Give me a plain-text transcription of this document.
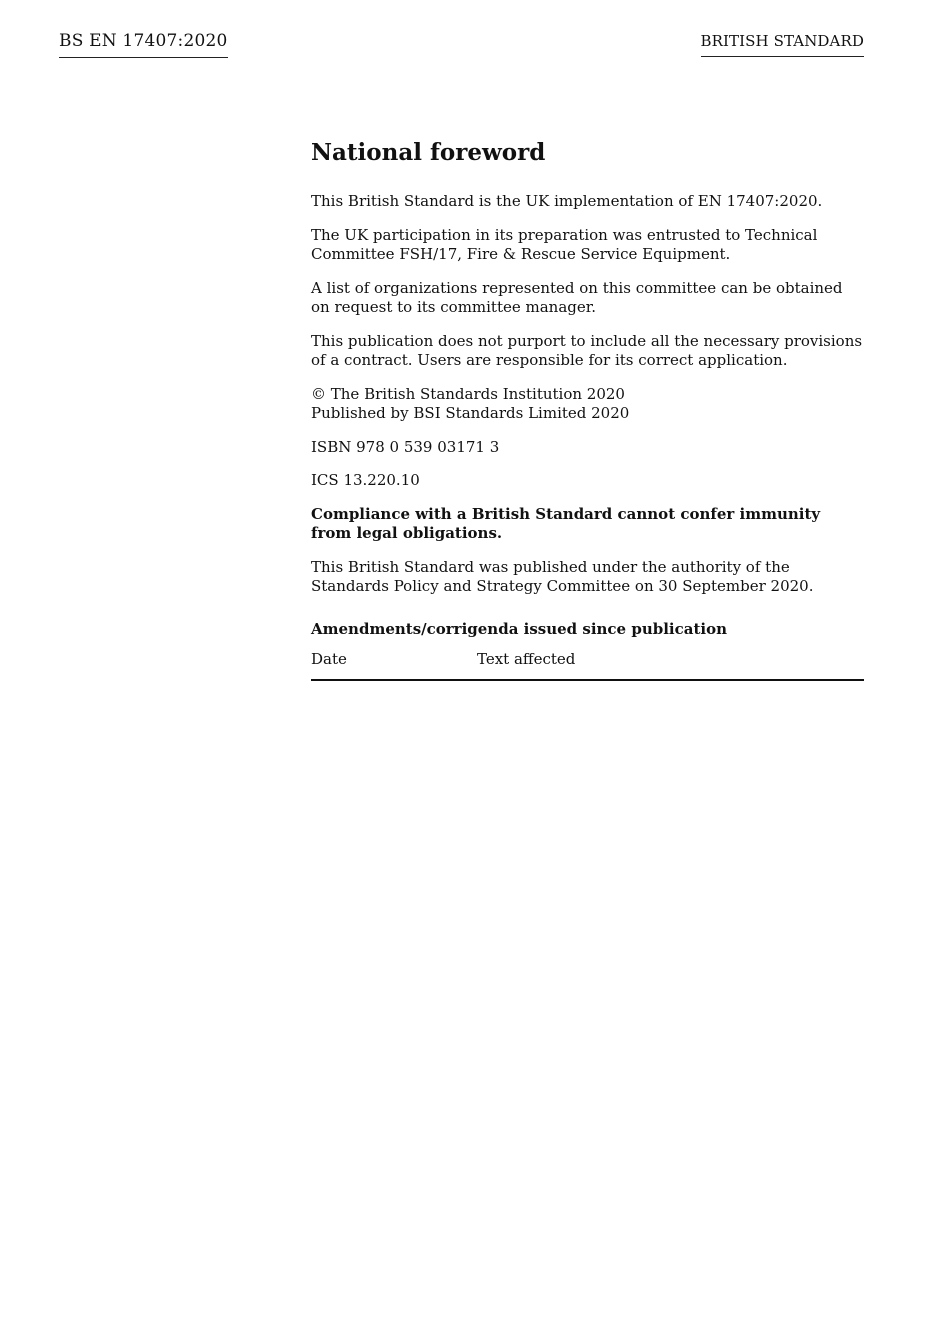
BS EN 17407:2020	BRITISH STANDARD
National foreword

This British Standard is the UK implementation of EN 17407:2020.

The UK participation in its preparation was entrusted to Technical Committee FSH/17, Fire & Rescue Service Equipment.

A list of organizations represented on this committee can be obtained on request to its committee manager.

This publication does not purport to include all the necessary provisions of a contract. Users are responsible for its correct application.

© The British Standards Institution 2020
Published by BSI Standards Limited 2020

ISBN 978 0 539 03171 3

ICS 13.220.10

Compliance with a British Standard cannot confer immunity from legal obligations.

This British Standard was published under the authority of the Standards Policy and Strategy Committee on 30 September 2020.

Amendments/corrigenda issued since publication
Date	Text affected
